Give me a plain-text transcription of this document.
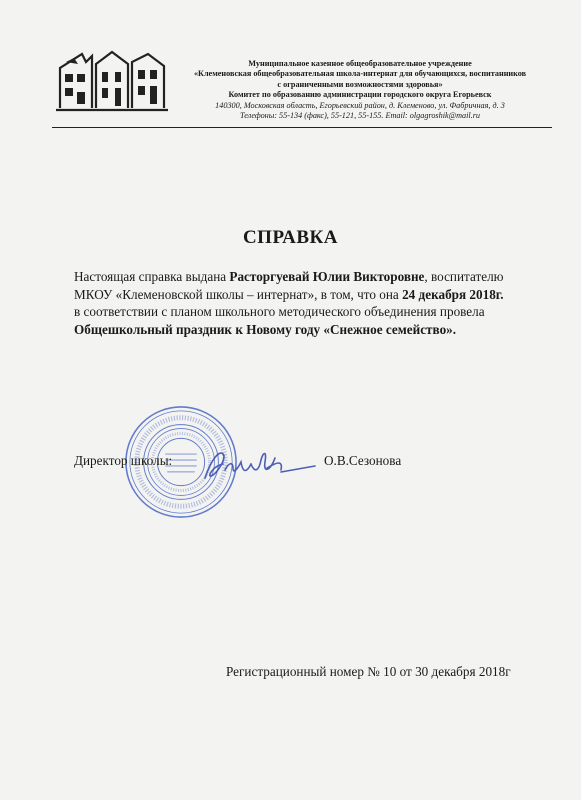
Муниципальное казенное общеобразовательное учреждение
«Клеменовская общеобразовательная школа-интернат для обучающихся, воспитанников
с ограниченными возможностями здоровья»
Комитет по образованию администрации городского округа Егорьевск
140300, Московская область, Егорьевский район, д. Клеменово, ул. Фабричная, д. 3
Телефоны: 55-134 (факс), 55-121, 55-155. Email: olgagroshik@mail.ru
СПРАВКА
Настоящая справка выдана Расторгуевай Юлии Викторовне, воспитателю
МКОУ «Клеменовской школы – интернат», в том, что она 24 декабря 2018г.
в соответствии с планом школьного методического объединения провела
Общешкольный праздник к Новому году «Снежное семейство».
Директор школы:	О.В.Сезонова
Регистрационный номер № 10 от 30 декабря 2018г
